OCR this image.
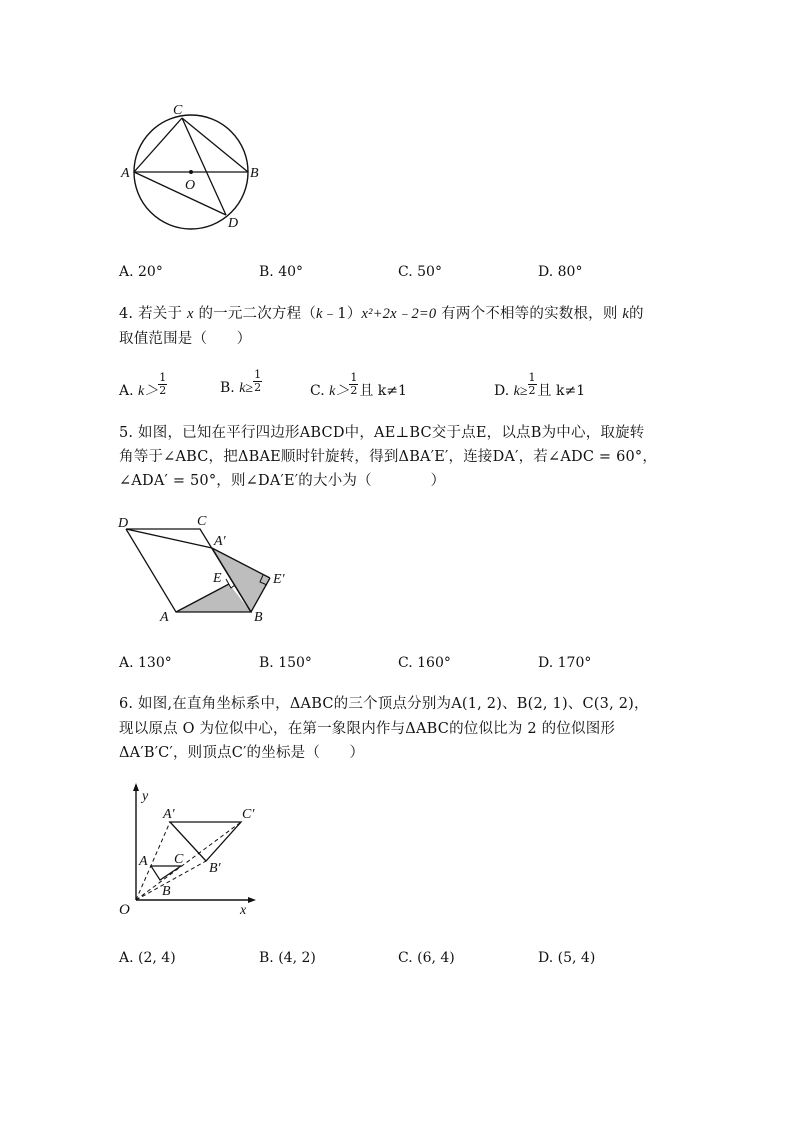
C
A	B
O
D
A. 20°	B. 40°	C. 50°	D. 80°
4. 若关于 x 的一元二次方程（k﹣1）x²+2x﹣2=0 有两个不相等的实数根，则 k的
取值范围是（　　）
A. $k> \frac{1}{2}$	B. $k\ge \frac{1}{2}$	C. $k> \frac{1}{2}$ 且 k≠1	D. $k\ge \frac{1}{2}$ 且 k≠1
5. 如图，已知在平行四边形ABCD中，AE⊥BC交于点E，以点B为中心，取旋转
角等于∠ABC，把ΔBAE顺时针旋转，得到ΔBA′E′，连接DA′，若∠ADC = 60°，
∠ADA′ = 50°，则∠DA′E′的大小为（　　　　）
D	C
A′
E	E′
A	B
A. 130°	B. 150°	C. 160°	D. 170°
6. 如图,在直角坐标系中，ΔABC的三个顶点分别为A(1, 2)、B(2, 1)、C(3, 2)，
现以原点 O 为位似中心，在第一象限内作与ΔABC的位似比为 2 的位似图形
ΔA′B′C′，则顶点C′的坐标是（　　）
y
x
O
A C
B
A′	C′
B′
A. (2, 4)	B. (4, 2)	C. (6, 4)	D. (5, 4)
